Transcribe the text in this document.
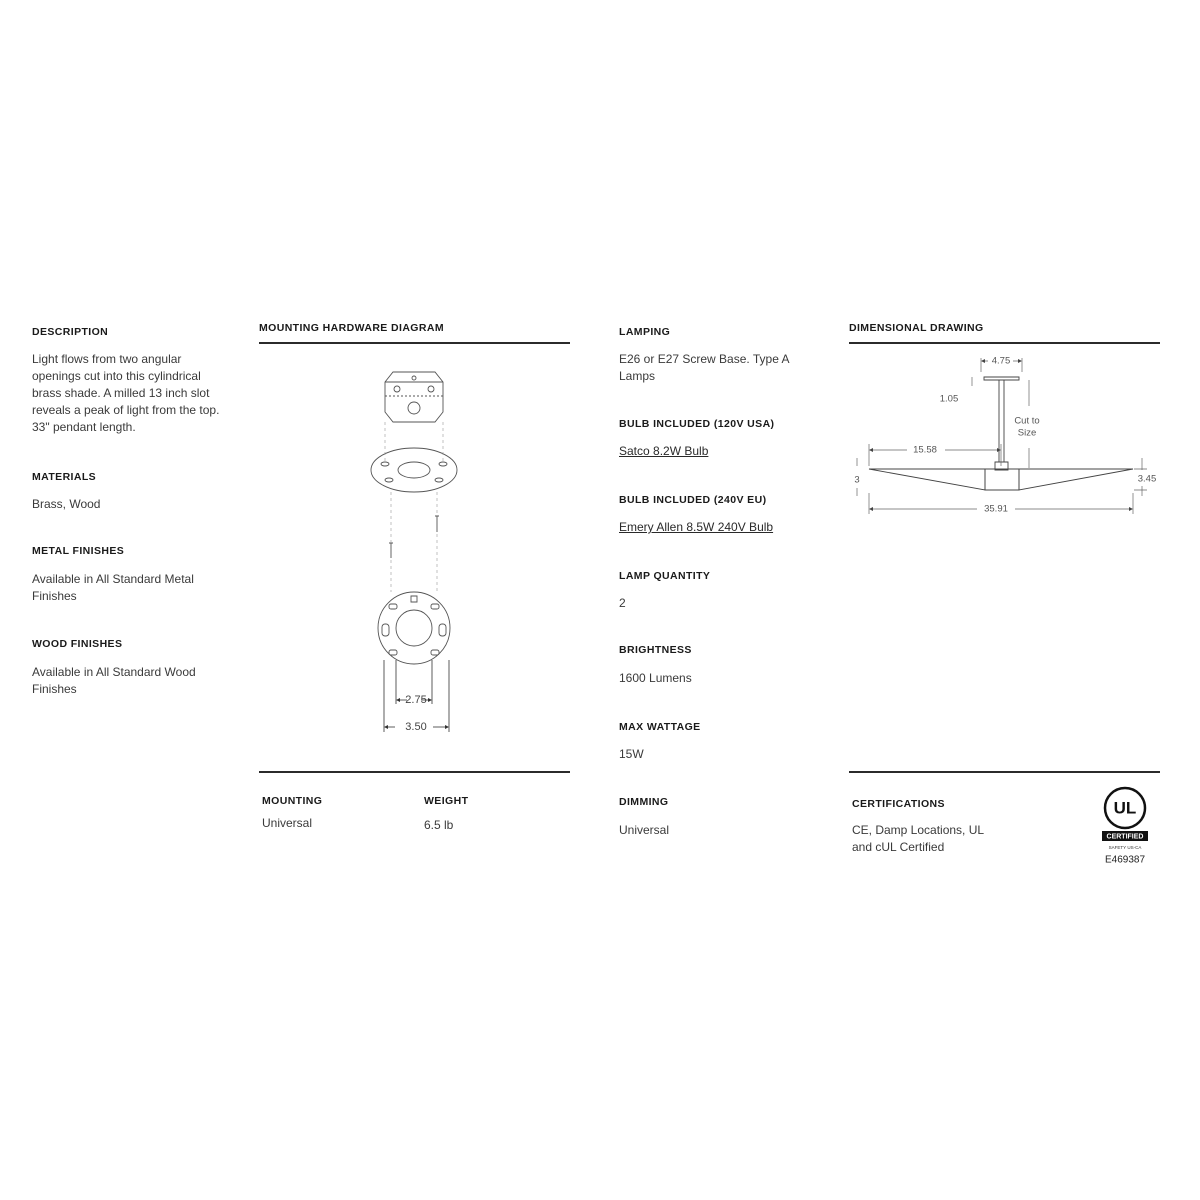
DESCRIPTION
Light flows from two angular openings cut into this cylindrical brass shade. A milled 13 inch slot reveals a peak of light from the top. 33" pendant length.
MATERIALS
Brass, Wood
METAL FINISHES
Available in All Standard Metal Finishes
WOOD FINISHES
Available in All Standard Wood Finishes
MOUNTING HARDWARE DIAGRAM
2.75
3.50
MOUNTING
Universal
WEIGHT
6.5 lb
LAMPING
E26 or E27 Screw Base. Type A Lamps
BULB INCLUDED (120V USA)
Satco 8.2W Bulb
BULB INCLUDED (240V EU)
Emery Allen 8.5W 240V Bulb
LAMP QUANTITY
2
BRIGHTNESS
1600 Lumens
MAX WATTAGE
15W
DIMMING
Universal
DIMENSIONAL DRAWING
4.75
1.05
Cut to
Size
15.58
35.91
3	3.45
CERTIFICATIONS
CE, Damp Locations, UL and cUL Certified
UL
CERTIFIED
SAFETY US-CA
E469387
